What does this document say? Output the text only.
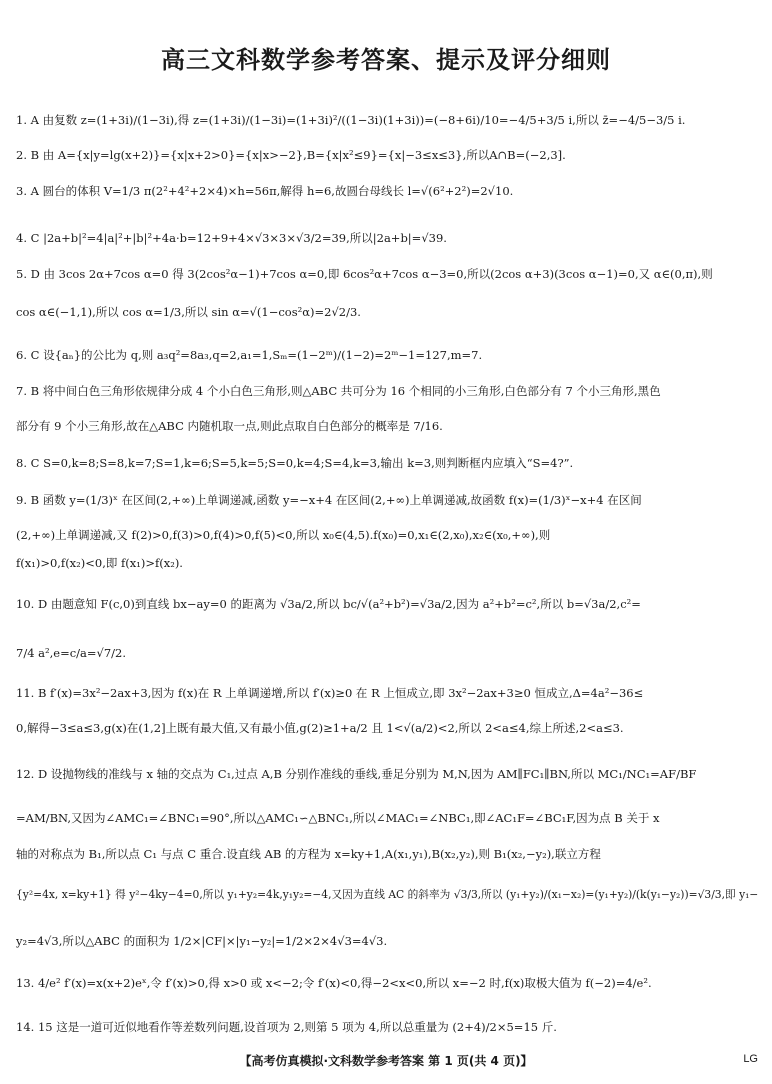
高三文科数学参考答案、提示及评分细则
1. A 由复数 z=(1+3i)/(1−3i),得 z=(1+3i)/(1−3i)=(1+3i)²/((1−3i)(1+3i))=(−8+6i)/10=−4/5+3/5 i,所以 z̄=−4/5−3/5 i.
2. B 由 A={x|y=lg(x+2)}={x|x+2>0}={x|x>−2},B={x|x²≤9}={x|−3≤x≤3},所以A∩B=(−2,3].
3. A 圆台的体积 V=1/3 π(2²+4²+2×4)×h=56π,解得 h=6,故圆台母线长 l=√(6²+2²)=2√10.
4. C |2a+b|²=4|a|²+|b|²+4a·b=12+9+4×√3×3×√3/2=39,所以|2a+b|=√39.
5. D 由 3cos 2α+7cos α=0 得 3(2cos²α−1)+7cos α=0,即 6cos²α+7cos α−3=0,所以(2cos α+3)(3cos α−1)=0,又 α∈(0,π),则
cos α∈(−1,1),所以 cos α=1/3,所以 sin α=√(1−cos²α)=2√2/3.
6. C 设{aₙ}的公比为 q,则 a₃q²=8a₃,q=2,a₁=1,Sₘ=(1−2ᵐ)/(1−2)=2ᵐ−1=127,m=7.
7. B 将中间白色三角形依规律分成 4 个小白色三角形,则△ABC 共可分为 16 个相同的小三角形,白色部分有 7 个小三角形,黑色
部分有 9 个小三角形,故在△ABC 内随机取一点,则此点取自白色部分的概率是 7/16.
8. C S=0,k=8;S=8,k=7;S=1,k=6;S=5,k=5;S=0,k=4;S=4,k=3,输出 k=3,则判断框内应填入“S=4?”.
9. B 函数 y=(1/3)ˣ 在区间(2,+∞)上单调递减,函数 y=−x+4 在区间(2,+∞)上单调递减,故函数 f(x)=(1/3)ˣ−x+4 在区间
(2,+∞)上单调递减,又 f(2)>0,f(3)>0,f(4)>0,f(5)<0,所以 x₀∈(4,5).f(x₀)=0,x₁∈(2,x₀),x₂∈(x₀,+∞),则
f(x₁)>0,f(x₂)<0,即 f(x₁)>f(x₂).
10. D 由题意知 F(c,0)到直线 bx−ay=0 的距离为 √3a/2,所以 bc/√(a²+b²)=√3a/2,因为 a²+b²=c²,所以 b=√3a/2,c²=
7/4 a²,e=c/a=√7/2.
11. B f′(x)=3x²−2ax+3,因为 f(x)在 R 上单调递增,所以 f′(x)≥0 在 R 上恒成立,即 3x²−2ax+3≥0 恒成立,Δ=4a²−36≤
0,解得−3≤a≤3,g(x)在(1,2]上既有最大值,又有最小值,g(2)≥1+a/2 且 1<√(a/2)<2,所以 2<a≤4,综上所述,2<a≤3.
12. D 设抛物线的准线与 x 轴的交点为 C₁,过点 A,B 分别作准线的垂线,垂足分别为 M,N,因为 AM∥FC₁∥BN,所以 MC₁/NC₁=AF/BF
=AM/BN,又因为∠AMC₁=∠BNC₁=90°,所以△AMC₁∽△BNC₁,所以∠MAC₁=∠NBC₁,即∠AC₁F=∠BC₁F,因为点 B 关于 x
轴的对称点为 B₁,所以点 C₁ 与点 C 重合.设直线 AB 的方程为 x=ky+1,A(x₁,y₁),B(x₂,y₂),则 B₁(x₂,−y₂),联立方程
{y²=4x, x=ky+1} 得 y²−4ky−4=0,所以 y₁+y₂=4k,y₁y₂=−4,又因为直线 AC 的斜率为 √3/3,所以 (y₁+y₂)/(x₁−x₂)=(y₁+y₂)/(k(y₁−y₂))=√3/3,即 y₁−
y₂=4√3,所以△ABC 的面积为 1/2×|CF|×|y₁−y₂|=1/2×2×4√3=4√3.
13. 4/e² f′(x)=x(x+2)eˣ,令 f′(x)>0,得 x>0 或 x<−2;令 f′(x)<0,得−2<x<0,所以 x=−2 时,f(x)取极大值为 f(−2)=4/e².
14. 15 这是一道可近似地看作等差数列问题,设首项为 2,则第 5 项为 4,所以总重量为 (2+4)/2×5=15 斤.
【高考仿真模拟·文科数学参考答案 第 1 页(共 4 页)】	LG
